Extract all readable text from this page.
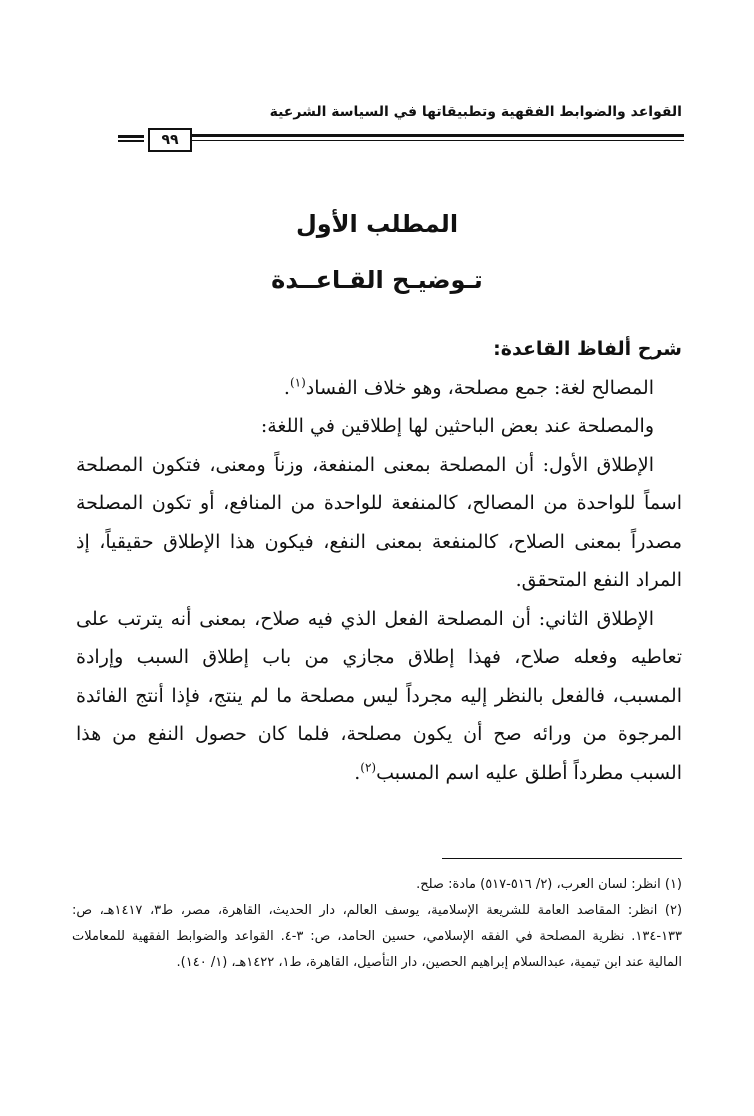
القواعد والضوابط الفقهية وتطبيقاتها في السياسة الشرعية
٩٩
المطلب الأول
تـوضيـح القـاعــدة

شرح ألفاظ القاعدة:

المصالح لغة: جمع مصلحة، وهو خلاف الفساد$^{(١)}$.

والمصلحة عند بعض الباحثين لها إطلاقين في اللغة:

الإطلاق الأول: أن المصلحة بمعنى المنفعة، وزناً ومعنى، فتكون المصلحة اسماً للواحدة من المصالح، كالمنفعة للواحدة من المنافع، أو تكون المصلحة مصدراً بمعنى الصلاح، كالمنفعة بمعنى النفع، فيكون هذا الإطلاق حقيقياً، إذ المراد النفع المتحقق.

الإطلاق الثاني: أن المصلحة الفعل الذي فيه صلاح، بمعنى أنه يترتب على تعاطيه وفعله صلاح، فهذا إطلاق مجازي من باب إطلاق السبب وإرادة المسبب، فالفعل بالنظر إليه مجرداً ليس مصلحة ما لم ينتج، فإذا أنتج الفائدة المرجوة من ورائه صح أن يكون مصلحة، فلما كان حصول النفع من هذا السبب مطرداً أطلق عليه اسم المسبب$^{(٢)}$.

(١) انظر: لسان العرب، (٢/ ٥١٦-٥١٧) مادة: صلح.

(٢) انظر: المقاصد العامة للشريعة الإسلامية، يوسف العالم، دار الحديث، القاهرة، مصر، ط٣، ١٤١٧هـ، ص: ١٣٣-١٣٤. نظرية المصلحة في الفقه الإسلامي، حسين الحامد، ص: ٣-٤. القواعد والضوابط الفقهية للمعاملات المالية عند ابن تيمية، عبدالسلام إبراهيم الحصين، دار التأصيل، القاهرة، ط١، ١٤٢٢هـ، (١/ ١٤٠).
